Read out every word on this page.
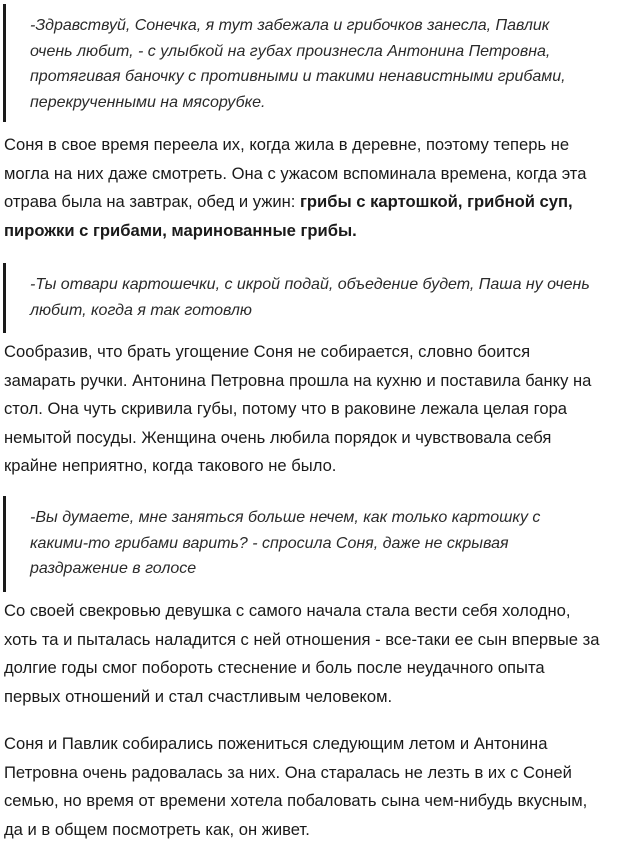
-Здравствуй, Сонечка, я тут забежала и грибочков занесла, Павлик очень любит, - с улыбкой на губах произнесла Антонина Петровна, протягивая баночку с противными и такими ненавистными грибами, перекрученными на мясорубке.

Соня в свое время переела их, когда жила в деревне, поэтому теперь не могла на них даже смотреть. Она с ужасом вспоминала времена, когда эта отрава была на завтрак, обед и ужин: грибы с картошкой, грибной суп, пирожки с грибами, маринованные грибы.

-Ты отвари картошечки, с икрой подай, объедение будет, Паша ну очень любит, когда я так готовлю

Сообразив, что брать угощение Соня не собирается, словно боится замарать ручки. Антонина Петровна прошла на кухню и поставила банку на стол. Она чуть скривила губы, потому что в раковине лежала целая гора немытой посуды. Женщина очень любила порядок и чувствовала себя крайне неприятно, когда такового не было.

-Вы думаете, мне заняться больше нечем, как только картошку с какими-то грибами варить? - спросила Соня, даже не скрывая раздражение в голосе

Со своей свекровью девушка с самого начала стала вести себя холодно, хоть та и пыталась наладится с ней отношения - все-таки ее сын впервые за долгие годы смог побороть стеснение и боль после неудачного опыта первых отношений и стал счастливым человеком.

Соня и Павлик собирались пожениться следующим летом и Антонина Петровна очень радовалась за них. Она старалась не лезть в их с Соней семью, но время от времени хотела побаловать сына чем-нибудь вкусным, да и в общем посмотреть как, он живет.
